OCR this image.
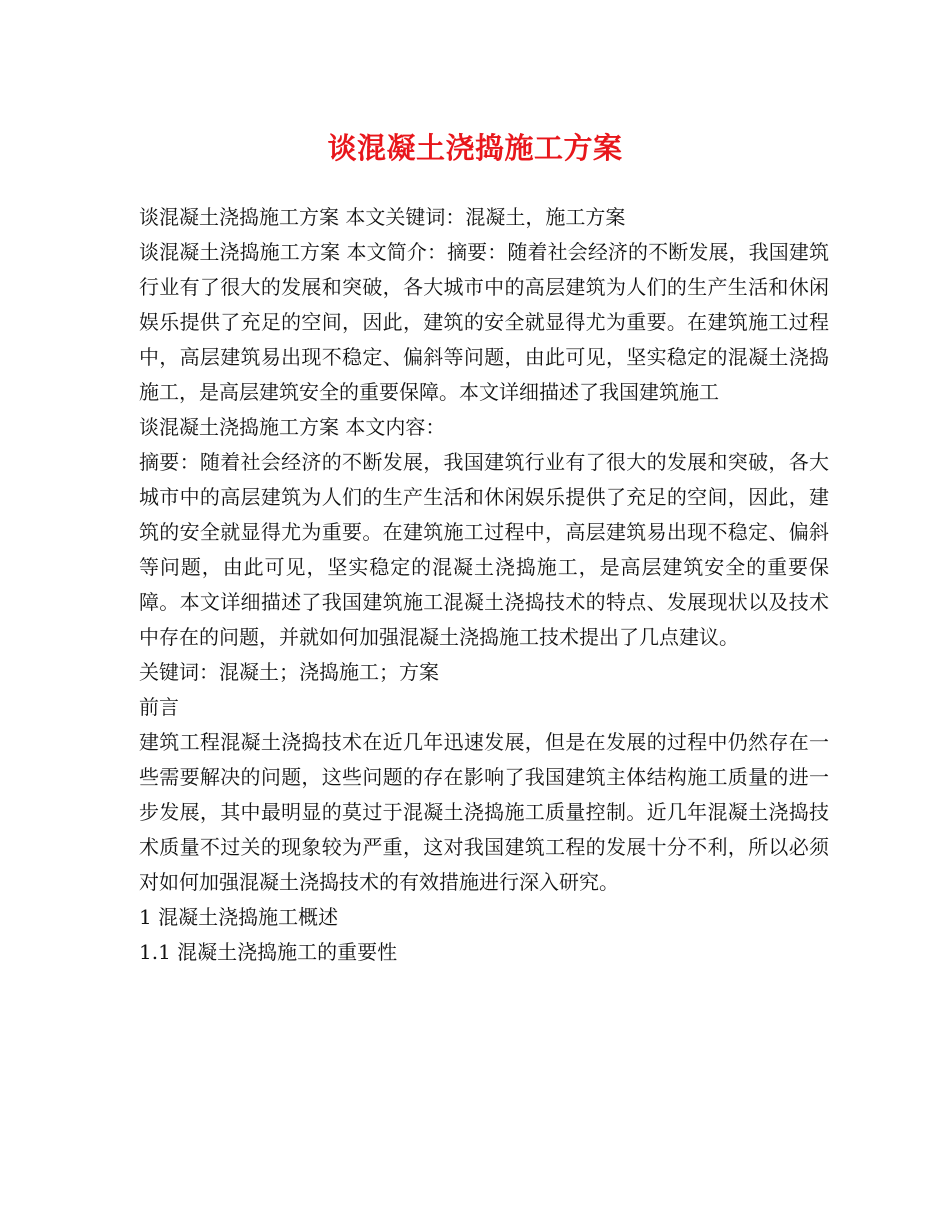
谈混凝土浇捣施工方案

谈混凝土浇捣施工方案 本文关键词：混凝土，施工方案

谈混凝土浇捣施工方案 本文简介：摘要：随着社会经济的不断发展，我国建筑行业有了很大的发展和突破，各大城市中的高层建筑为人们的生产生活和休闲娱乐提供了充足的空间，因此，建筑的安全就显得尤为重要。在建筑施工过程中，高层建筑易出现不稳定、偏斜等问题，由此可见，坚实稳定的混凝土浇捣施工，是高层建筑安全的重要保障。本文详细描述了我国建筑施工

谈混凝土浇捣施工方案 本文内容：

摘要：随着社会经济的不断发展，我国建筑行业有了很大的发展和突破，各大城市中的高层建筑为人们的生产生活和休闲娱乐提供了充足的空间，因此，建筑的安全就显得尤为重要。在建筑施工过程中，高层建筑易出现不稳定、偏斜等问题，由此可见，坚实稳定的混凝土浇捣施工，是高层建筑安全的重要保障。本文详细描述了我国建筑施工混凝土浇捣技术的特点、发展现状以及技术中存在的问题，并就如何加强混凝土浇捣施工技术提出了几点建议。

关键词：混凝土；浇捣施工；方案

前言

建筑工程混凝土浇捣技术在近几年迅速发展，但是在发展的过程中仍然存在一些需要解决的问题，这些问题的存在影响了我国建筑主体结构施工质量的进一步发展，其中最明显的莫过于混凝土浇捣施工质量控制。近几年混凝土浇捣技术质量不过关的现象较为严重，这对我国建筑工程的发展十分不利，所以必须对如何加强混凝土浇捣技术的有效措施进行深入研究。

1 混凝土浇捣施工概述

1.1 混凝土浇捣施工的重要性
